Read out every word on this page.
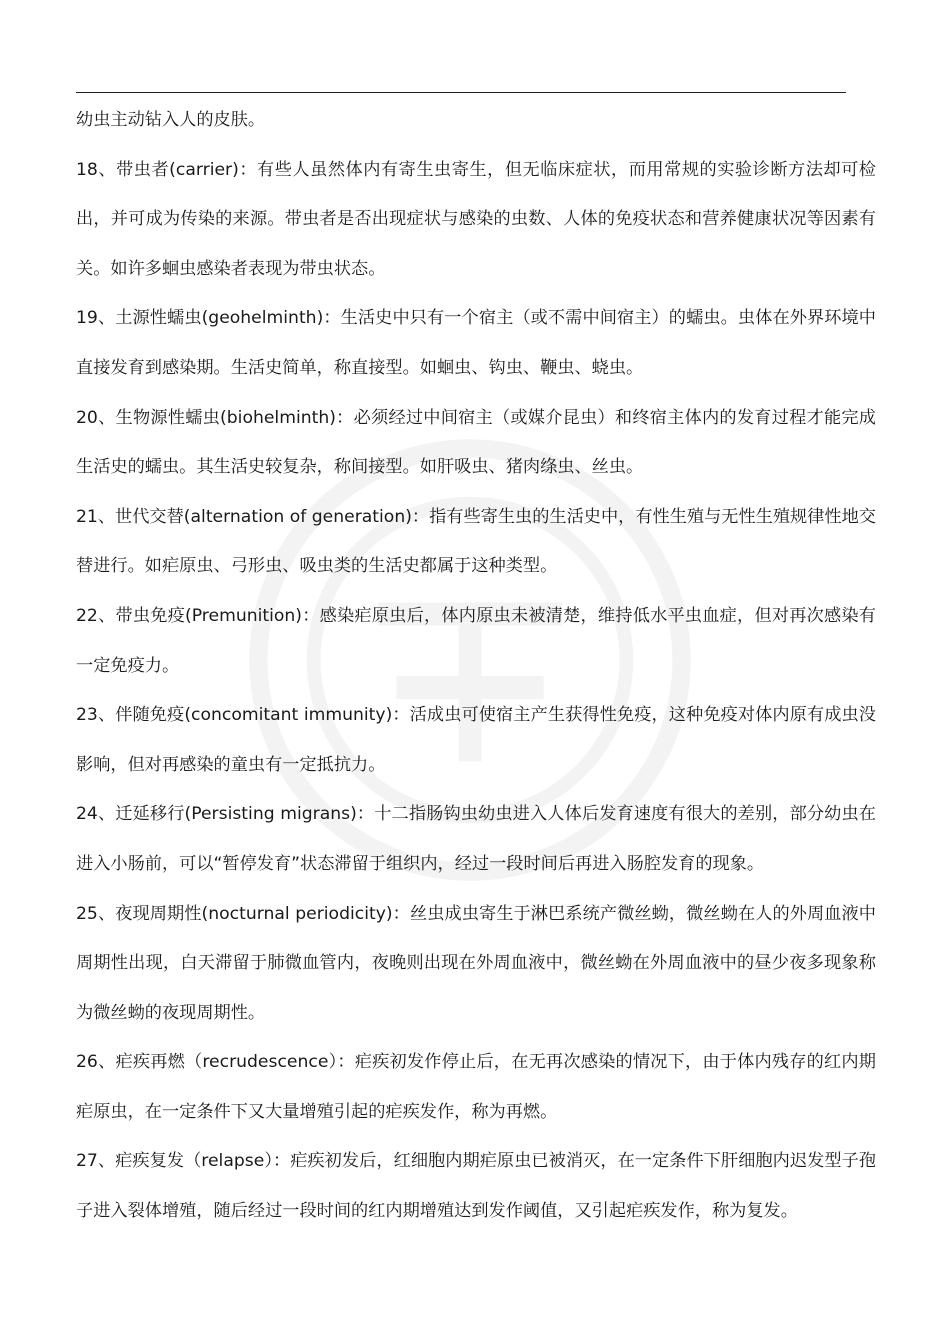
幼虫主动钻入人的皮肤。

18、带虫者(carrier)：有些人虽然体内有寄生虫寄生，但无临床症状，而用常规的实验诊断方法却可检出，并可成为传染的来源。带虫者是否出现症状与感染的虫数、人体的免疫状态和营养健康状况等因素有关。如许多蛔虫感染者表现为带虫状态。

19、土源性蠕虫(geohelminth)：生活史中只有一个宿主（或不需中间宿主）的蠕虫。虫体在外界环境中直接发育到感染期。生活史简单，称直接型。如蛔虫、钩虫、鞭虫、蛲虫。

20、生物源性蠕虫(biohelminth)：必须经过中间宿主（或媒介昆虫）和终宿主体内的发育过程才能完成生活史的蠕虫。其生活史较复杂，称间接型。如肝吸虫、猪肉绦虫、丝虫。

21、世代交替(alternation of generation)：指有些寄生虫的生活史中，有性生殖与无性生殖规律性地交替进行。如疟原虫、弓形虫、吸虫类的生活史都属于这种类型。

22、带虫免疫(Premunition)：感染疟原虫后，体内原虫未被清楚，维持低水平虫血症，但对再次感染有一定免疫力。

23、伴随免疫(concomitant immunity)：活成虫可使宿主产生获得性免疫，这种免疫对体内原有成虫没影响，但对再感染的童虫有一定抵抗力。

24、迁延移行(Persisting migrans)：十二指肠钩虫幼虫进入人体后发育速度有很大的差别，部分幼虫在进入小肠前，可以“暂停发育”状态滞留于组织内，经过一段时间后再进入肠腔发育的现象。

25、夜现周期性(nocturnal periodicity)：丝虫成虫寄生于淋巴系统产微丝蚴，微丝蚴在人的外周血液中周期性出现，白天滞留于肺微血管内，夜晚则出现在外周血液中，微丝蚴在外周血液中的昼少夜多现象称为微丝蚴的夜现周期性。

26、疟疾再燃（recrudescence）：疟疾初发作停止后，在无再次感染的情况下，由于体内残存的红内期疟原虫，在一定条件下又大量增殖引起的疟疾发作，称为再燃。

27、疟疾复发（relapse）：疟疾初发后，红细胞内期疟原虫已被消灭，在一定条件下肝细胞内迟发型子孢子进入裂体增殖，随后经过一段时间的红内期增殖达到发作阈值，又引起疟疾发作，称为复发。
